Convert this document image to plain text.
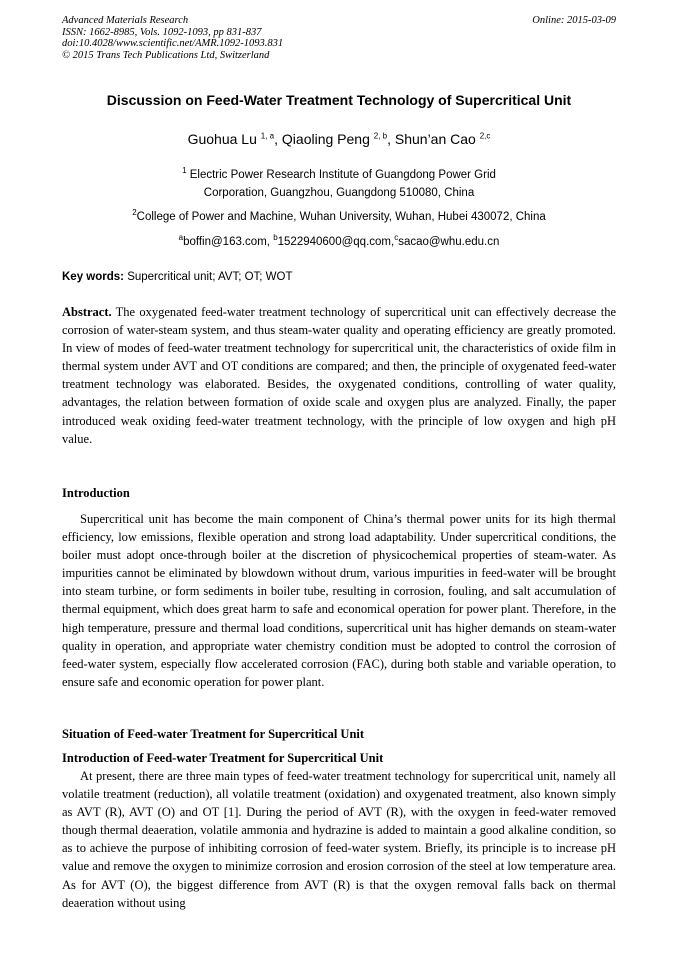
Advanced Materials Research
ISSN: 1662-8985, Vols. 1092-1093, pp 831-837
doi:10.4028/www.scientific.net/AMR.1092-1093.831
© 2015 Trans Tech Publications Ltd, Switzerland
Online: 2015-03-09
Discussion on Feed-Water Treatment Technology of Supercritical Unit
Guohua Lu $^{1, a}$, Qiaoling Peng $^{2, b}$, Shun’an Cao $^{2,c}$
$^1$ Electric Power Research Institute of Guangdong Power Grid
Corporation, Guangzhou, Guangdong 510080, China
$^2$College of Power and Machine, Wuhan University, Wuhan, Hubei 430072, China
$^a$boffin@163.com, $^b$1522940600@qq.com,$^c$sacao@whu.edu.cn
Key words: Supercritical unit; AVT; OT; WOT
Abstract. The oxygenated feed-water treatment technology of supercritical unit can effectively decrease the corrosion of water-steam system, and thus steam-water quality and operating efficiency are greatly promoted. In view of modes of feed-water treatment technology for supercritical unit, the characteristics of oxide film in thermal system under AVT and OT conditions are compared; and then, the principle of oxygenated feed-water treatment technology was elaborated. Besides, the oxygenated conditions, controlling of water quality, advantages, the relation between formation of oxide scale and oxygen plus are analyzed. Finally, the paper introduced weak oxiding feed-water treatment technology, with the principle of low oxygen and high pH value.
Introduction
Supercritical unit has become the main component of China’s thermal power units for its high thermal efficiency, low emissions, flexible operation and strong load adaptability. Under supercritical conditions, the boiler must adopt once-through boiler at the discretion of physicochemical properties of steam-water. As impurities cannot be eliminated by blowdown without drum, various impurities in feed-water will be brought into steam turbine, or form sediments in boiler tube, resulting in corrosion, fouling, and salt accumulation of thermal equipment, which does great harm to safe and economical operation for power plant. Therefore, in the high temperature, pressure and thermal load conditions, supercritical unit has higher demands on steam-water quality in operation, and appropriate water chemistry condition must be adopted to control the corrosion of feed-water system, especially flow accelerated corrosion (FAC), during both stable and variable operation, to ensure safe and economic operation for power plant.
Situation of Feed-water Treatment for Supercritical Unit
Introduction of Feed-water Treatment for Supercritical Unit
At present, there are three main types of feed-water treatment technology for supercritical unit, namely all volatile treatment (reduction), all volatile treatment (oxidation) and oxygenated treatment, also known simply as AVT (R), AVT (O) and OT [1]. During the period of AVT (R), with the oxygen in feed-water removed though thermal deaeration, volatile ammonia and hydrazine is added to maintain a good alkaline condition, so as to achieve the purpose of inhibiting corrosion of feed-water system. Briefly, its principle is to increase pH value and remove the oxygen to minimize corrosion and erosion corrosion of the steel at low temperature area. As for AVT (O), the biggest difference from AVT (R) is that the oxygen removal falls back on thermal deaeration without using
